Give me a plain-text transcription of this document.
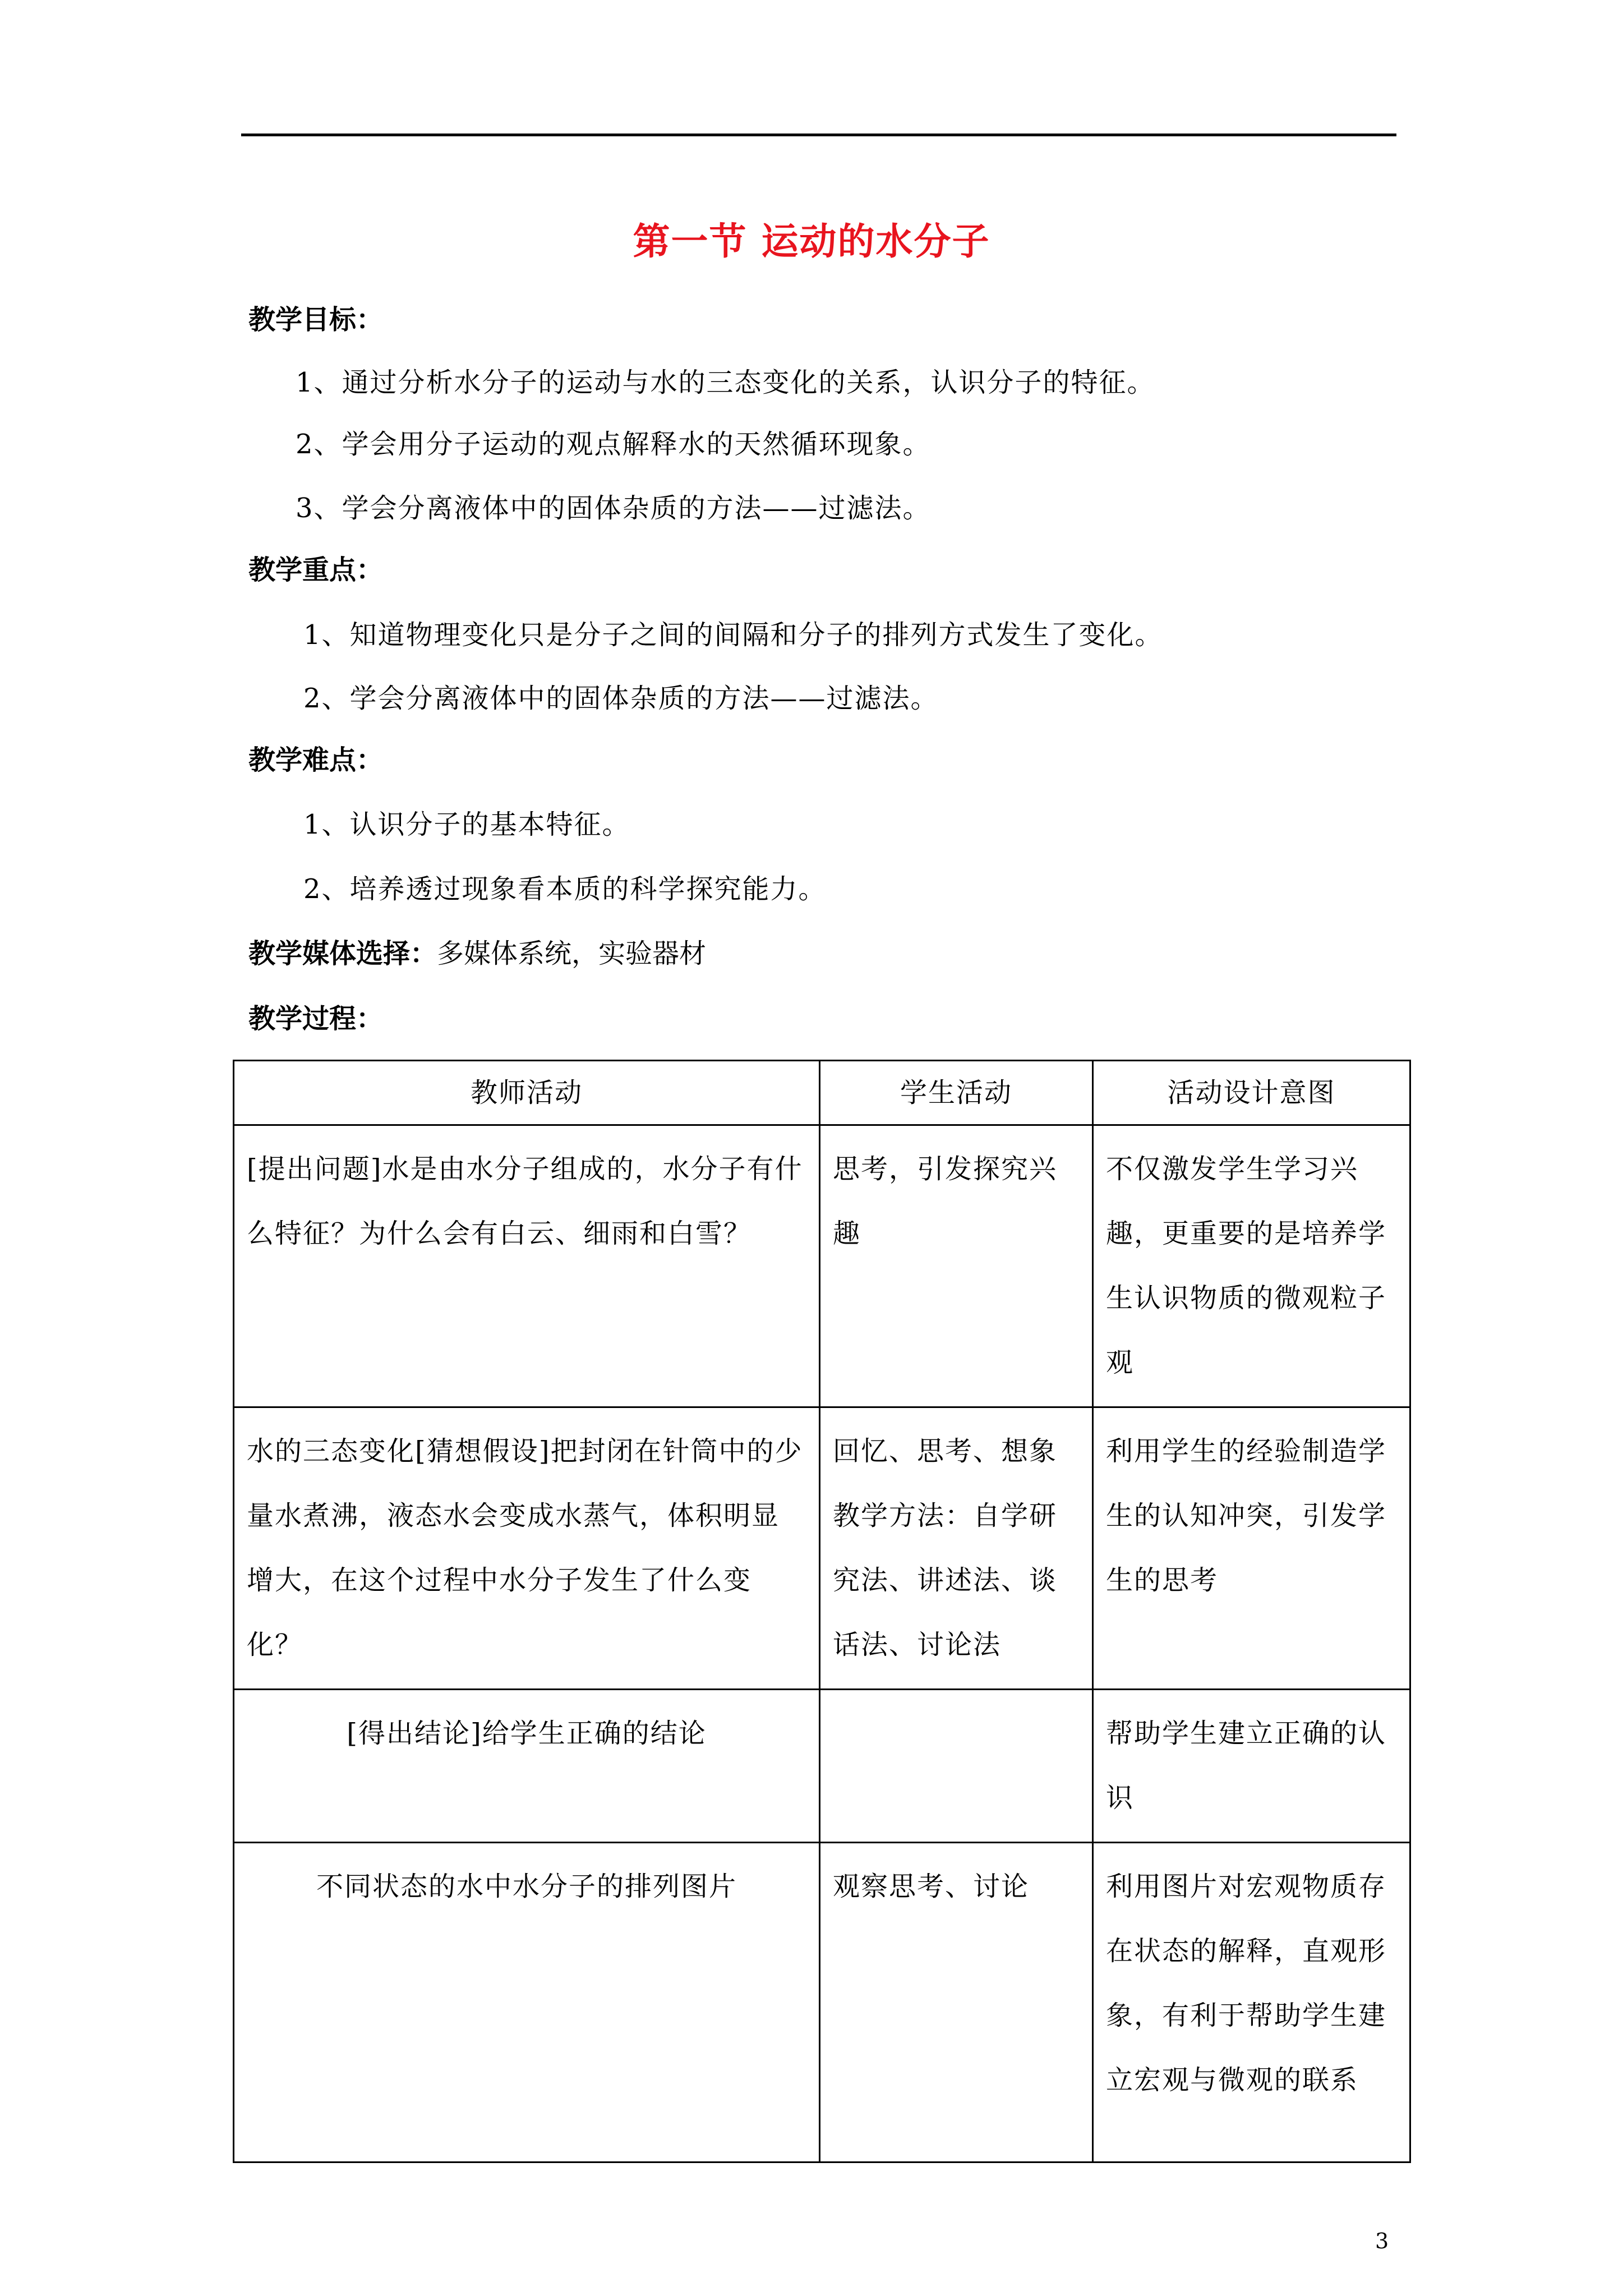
第一节 运动的水分子
教学目标：
1、通过分析水分子的运动与水的三态变化的关系，认识分子的特征。
2、学会用分子运动的观点解释水的天然循环现象。
3、学会分离液体中的固体杂质的方法——过滤法。
教学重点：
1、知道物理变化只是分子之间的间隔和分子的排列方式发生了变化。
2、学会分离液体中的固体杂质的方法——过滤法。
教学难点：
1、认识分子的基本特征。
2、培养透过现象看本质的科学探究能力。
教学媒体选择：多媒体系统，实验器材
教学过程：
教师活动	学生活动	活动设计意图
[提出问题]水是由水分子组成的，水分子有什么特征？为什么会有白云、细雨和白雪？	思考，引发探究兴趣	不仅激发学生学习兴趣，更重要的是培养学生认识物质的微观粒子观
水的三态变化[猜想假设]把封闭在针筒中的少量水煮沸，液态水会变成水蒸气，体积明显增大，在这个过程中水分子发生了什么变化？	回忆、思考、想象教学方法：自学研究法、讲述法、谈话法、讨论法	利用学生的经验制造学生的认知冲突，引发学生的思考
[得出结论]给学生正确的结论		帮助学生建立正确的认识
不同状态的水中水分子的排列图片	观察思考、讨论	利用图片对宏观物质存在状态的解释，直观形象，有利于帮助学生建立宏观与微观的联系
3
